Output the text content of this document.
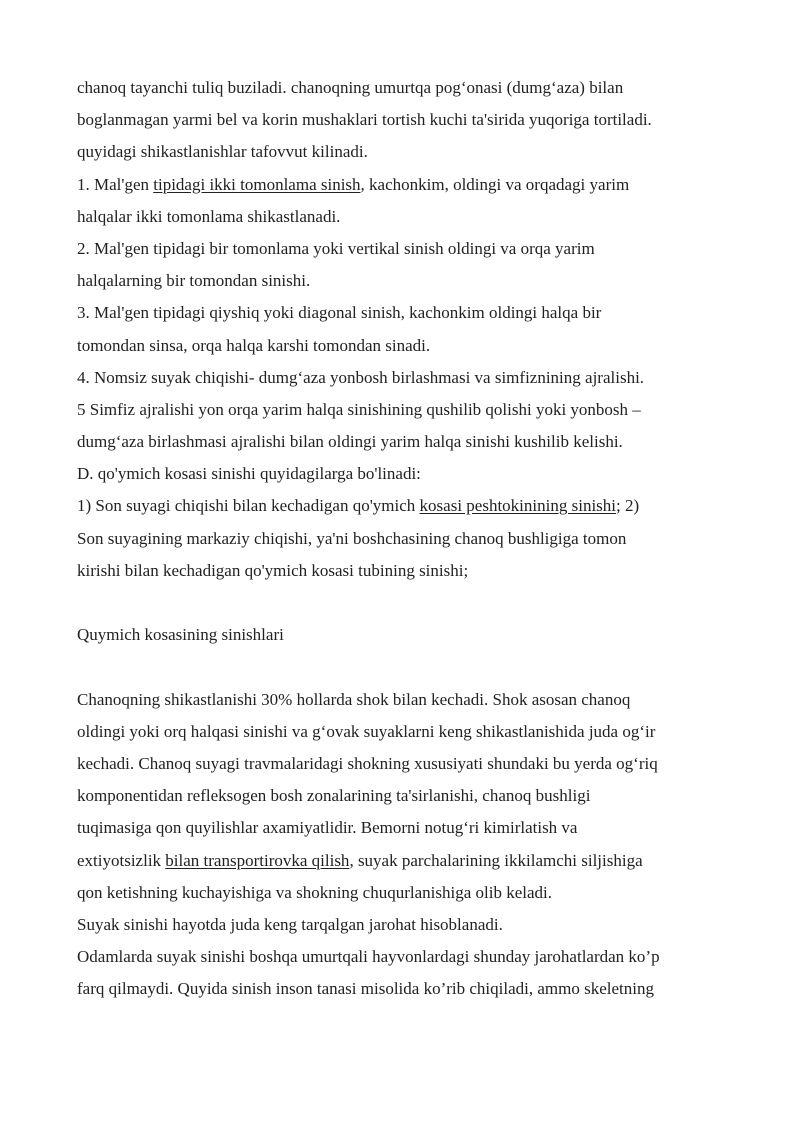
chanoq tayanchi tuliq buziladi. chanoqning umurtqa pog‘onasi (dumg‘aza) bilan
boglanmagan yarmi bel va korin mushaklari tortish kuchi ta'sirida yuqoriga tortiladi.
quyidagi shikastlanishlar tafovvut kilinadi.
1. Mal'gen tipidagi ikki tomonlama sinish, kachonkim, oldingi va orqadagi yarim
halqalar ikki tomonlama shikastlanadi.
2. Mal'gen tipidagi bir tomonlama yoki vertikal sinish oldingi va orqa yarim
halqalarning bir tomondan sinishi.
3. Mal'gen tipidagi qiyshiq yoki diagonal sinish, kachonkim oldingi halqa bir
tomondan sinsa, orqa halqa karshi tomondan sinadi.
4. Nomsiz suyak chiqishi- dumg‘aza yonbosh birlashmasi va simfiznining ajralishi.
5 Simfiz ajralishi yon orqa yarim halqa sinishining qushilib qolishi yoki yonbosh –
dumg‘aza birlashmasi ajralishi bilan oldingi yarim halqa sinishi kushilib kelishi.
D. qo'ymich kosasi sinishi quyidagilarga bo'linadi:
1) Son suyagi chiqishi bilan kechadigan qo'ymich kosasi peshtokinining sinishi; 2)
Son suyagining markaziy chiqishi, ya'ni boshchasining chanoq bushligiga tomon
kirishi bilan kechadigan qo'ymich kosasi tubining sinishi;
Quymich kosasining sinishlari
Chanoqning shikastlanishi 30% hollarda shok bilan kechadi. Shok asosan chanoq
oldingi yoki orq halqasi sinishi va g‘ovak suyaklarni keng shikastlanishida juda og‘ir
kechadi. Chanoq suyagi travmalaridagi shokning xususiyati shundaki bu yerda og‘riq
komponentidan refleksogen bosh zonalarining ta'sirlanishi, chanoq bushligi
tuqimasiga qon quyilishlar axamiyatlidir. Bemorni notug‘ri kimirlatish va
extiyotsizlik bilan transportirovka qilish, suyak parchalarining ikkilamchi siljishiga
qon ketishning kuchayishiga va shokning chuqurlanishiga olib keladi.
Suyak sinishi hayotda juda keng tarqalgan jarohat hisoblanadi.
Odamlarda suyak sinishi boshqa umurtqali hayvonlardagi shunday jarohatlardan ko’p
farq qilmaydi. Quyida sinish inson tanasi misolida ko’rib chiqiladi, ammo skeletning
